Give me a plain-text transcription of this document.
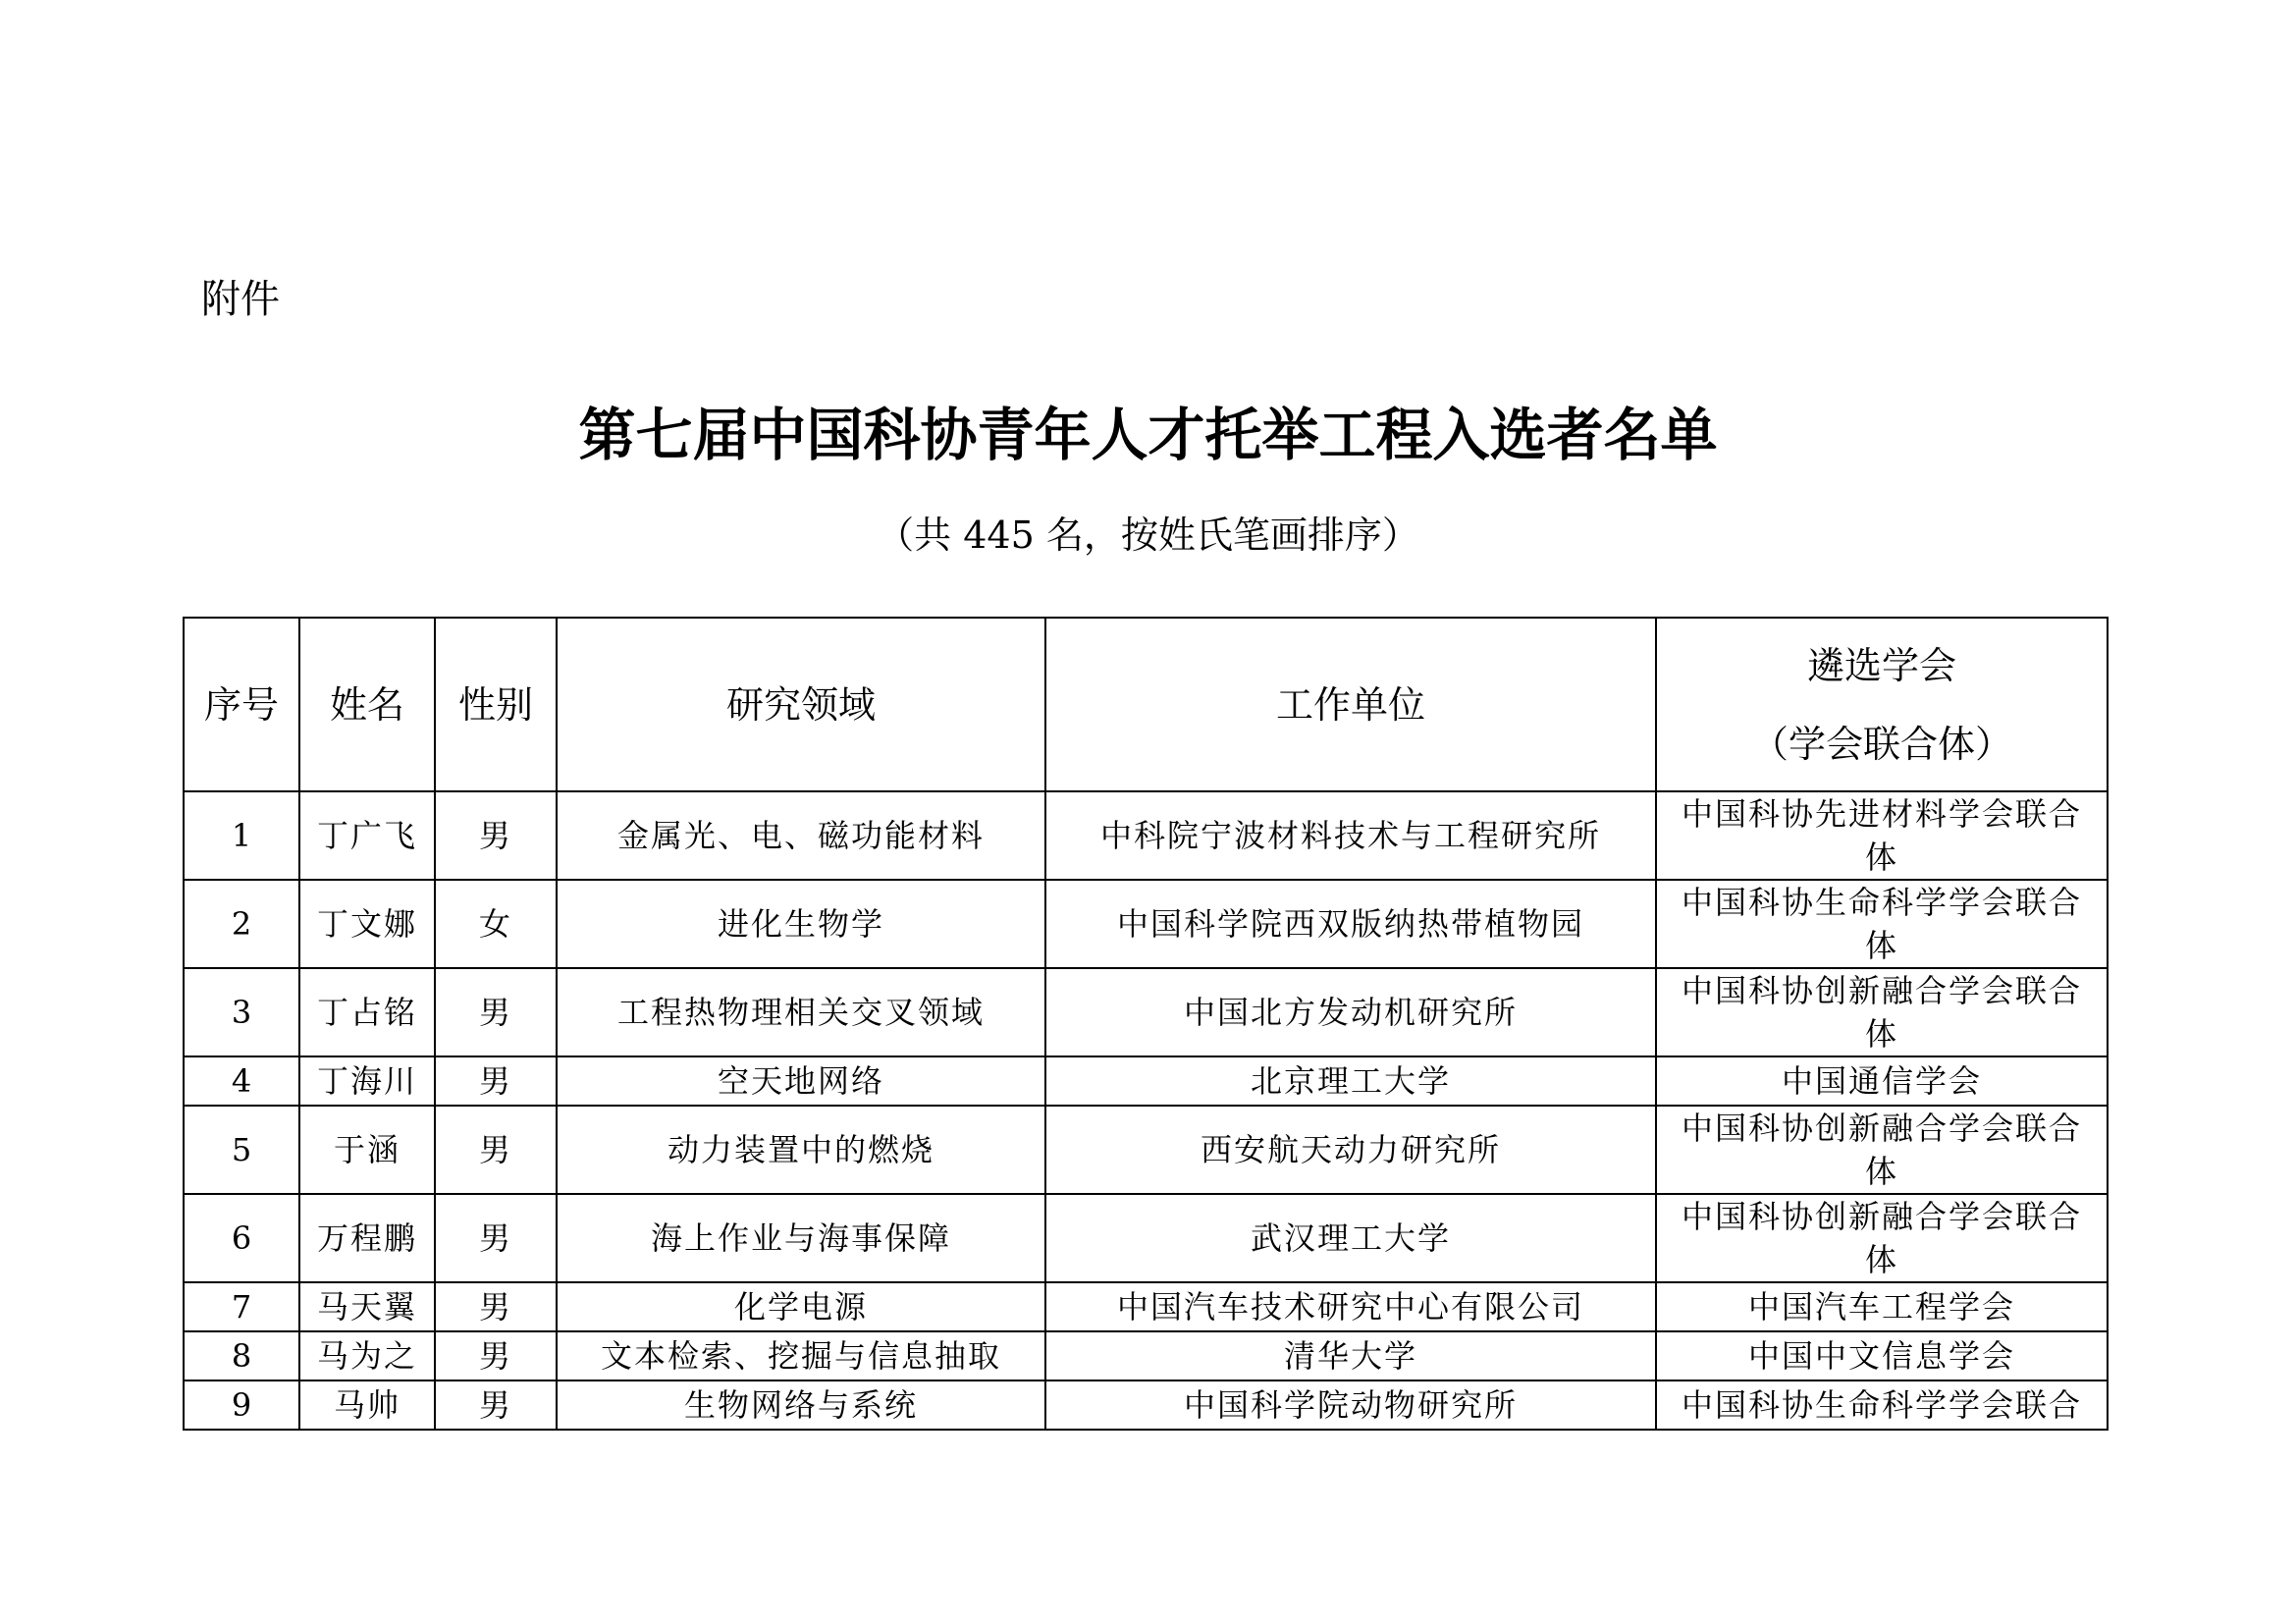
附件
第七届中国科协青年人才托举工程入选者名单
（共 445 名，按姓氏笔画排序）
序号	姓名	性别	研究领域	工作单位	遴选学会
（学会联合体）

1	丁广飞	男	金属光、电、磁功能材料	中科院宁波材料技术与工程研究所	中国科协先进材料学会联合体
2	丁文娜	女	进化生物学	中国科学院西双版纳热带植物园	中国科协生命科学学会联合体
3	丁占铭	男	工程热物理相关交叉领域	中国北方发动机研究所	中国科协创新融合学会联合体
4	丁海川	男	空天地网络	北京理工大学	中国通信学会
5	于涵	男	动力装置中的燃烧	西安航天动力研究所	中国科协创新融合学会联合体
6	万程鹏	男	海上作业与海事保障	武汉理工大学	中国科协创新融合学会联合体
7	马天翼	男	化学电源	中国汽车技术研究中心有限公司	中国汽车工程学会
8	马为之	男	文本检索、挖掘与信息抽取	清华大学	中国中文信息学会
9	马帅	男	生物网络与系统	中国科学院动物研究所	中国科协生命科学学会联合
